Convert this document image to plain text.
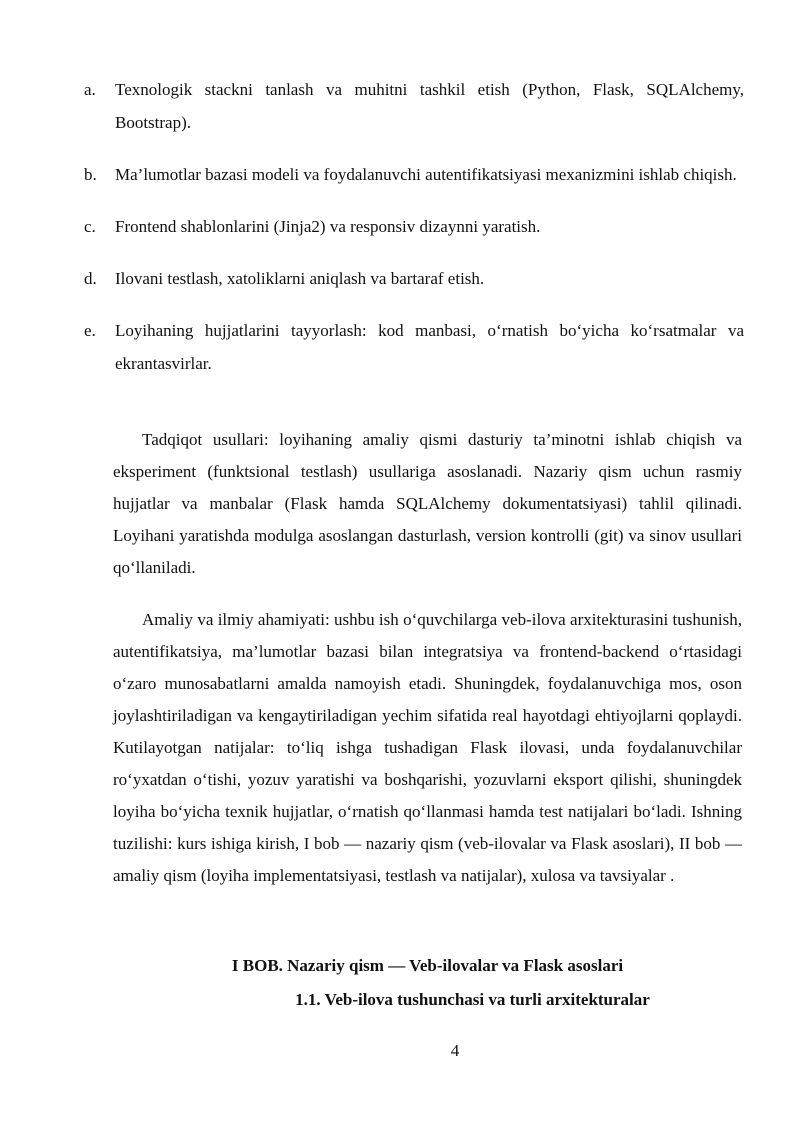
a.	Texnologik stackni tanlash va muhitni tashkil etish (Python, Flask, SQLAlchemy, Bootstrap).
b.	Ma’lumotlar bazasi modeli va foydalanuvchi autentifikatsiyasi mexanizmini ishlab chiqish.
c.	Frontend shablonlarini (Jinja2) va responsiv dizaynni yaratish.
d.	Ilovani testlash, xatoliklarni aniqlash va bartaraf etish.
e.	Loyihaning hujjatlarini tayyorlash: kod manbasi, o‘rnatish bo‘yicha ko‘rsatmalar va ekrantasvirlar.

Tadqiqot usullari: loyihaning amaliy qismi dasturiy ta’minotni ishlab chiqish va eksperiment (funktsional testlash) usullariga asoslanadi. Nazariy qism uchun rasmiy hujjatlar va manbalar (Flask hamda SQLAlchemy dokumentatsiyasi) tahlil qilinadi. Loyihani yaratishda modulga asoslangan dasturlash, version kontrolli (git) va sinov usullari qo‘llaniladi.

Amaliy va ilmiy ahamiyati: ushbu ish o‘quvchilarga veb-ilova arxitekturasini tushunish, autentifikatsiya, ma’lumotlar bazasi bilan integratsiya va frontend-backend o‘rtasidagi o‘zaro munosabatlarni amalda namoyish etadi. Shuningdek, foydalanuvchiga mos, oson joylashtiriladigan va kengaytiriladigan yechim sifatida real hayotdagi ehtiyojlarni qoplaydi. Kutilayotgan natijalar: to‘liq ishga tushadigan Flask ilovasi, unda foydalanuvchilar ro‘yxatdan o‘tishi, yozuv yaratishi va boshqarishi, yozuvlarni eksport qilishi, shuningdek loyiha bo‘yicha texnik hujjatlar, o‘rnatish qo‘llanmasi hamda test natijalari bo‘ladi. Ishning tuzilishi: kurs ishiga kirish, I bob — nazariy qism (veb-ilovalar va Flask asoslari), II bob — amaliy qism (loyiha implementatsiyasi, testlash va natijalar), xulosa va tavsiyalar .

I BOB. Nazariy qism — Veb-ilovalar va Flask asoslari
1.1. Veb-ilova tushunchasi va turli arxitekturalar
4
